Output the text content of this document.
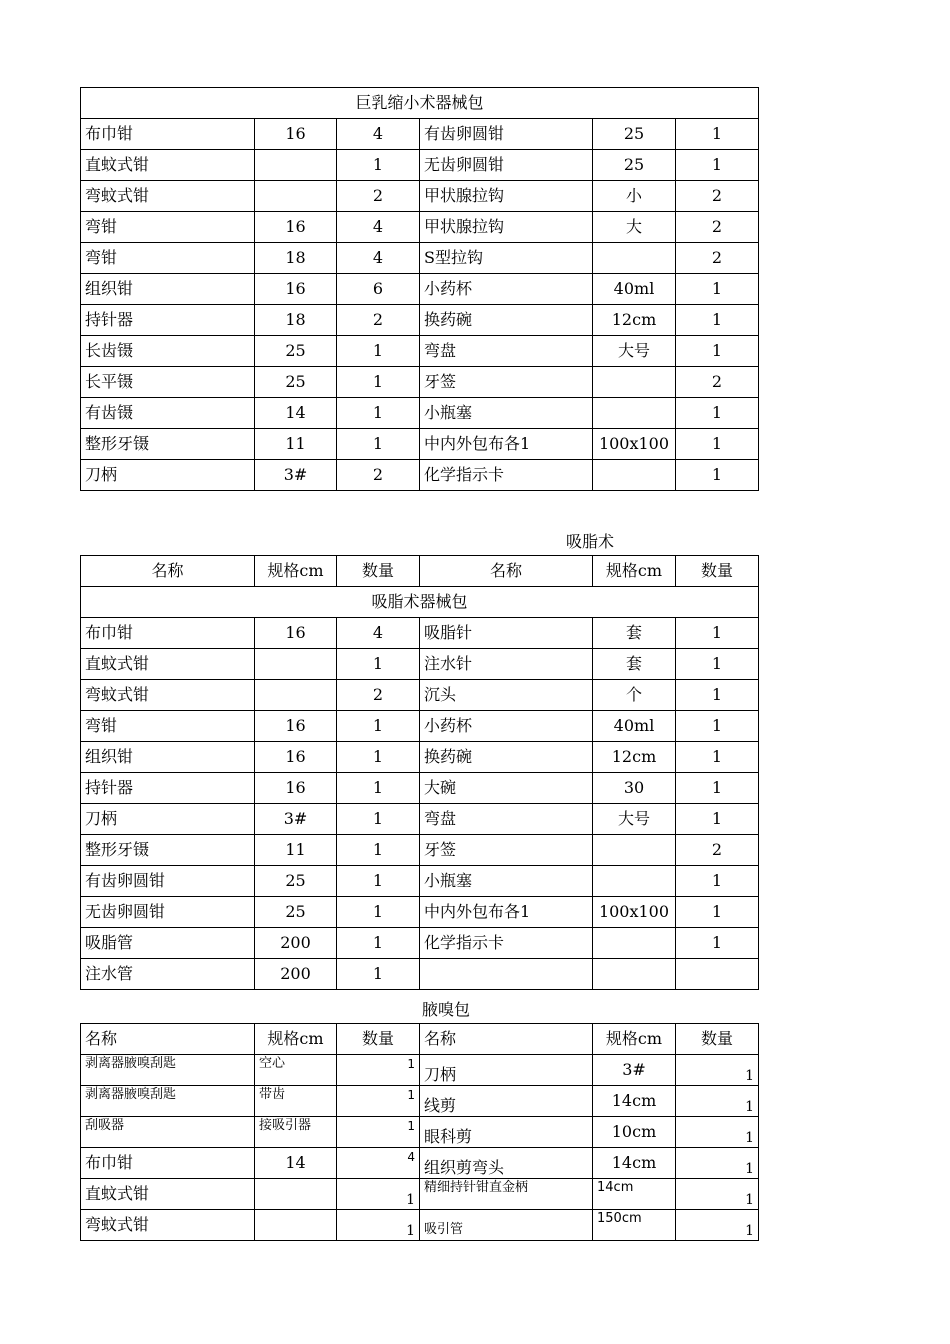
巨乳缩小术器械包					
布巾钳	16	4	有齿卵圆钳	25	1
直蚊式钳		1	无齿卵圆钳	25	1
弯蚊式钳		2	甲状腺拉钩	小	2
弯钳	16	4	甲状腺拉钩	大	2
弯钳	18	4	S型拉钩		2
组织钳	16	6	小药杯	40ml	1
持针器	18	2	换药碗	12cm	1
长齿镊	25	1	弯盘	大号	1
长平镊	25	1	牙签		2
有齿镊	14	1	小瓶塞		1
整形牙镊	11	1	中内外包布各1	100x100	1
刀柄	3#	2	化学指示卡		1
吸脂术
名称	规格cm	数量	名称	规格cm	数量
吸脂术器械包					
布巾钳	16	4	吸脂针	套	1
直蚊式钳		1	注水针	套	1
弯蚊式钳		2	沉头	个	1
弯钳	16	1	小药杯	40ml	1
组织钳	16	1	换药碗	12cm	1
持针器	16	1	大碗	30	1
刀柄	3#	1	弯盘	大号	1
整形牙镊	11	1	牙签		2
有齿卵圆钳	25	1	小瓶塞		1
无齿卵圆钳	25	1	中内外包布各1	100x100	1
吸脂管	200	1	化学指示卡		1
注水管	200	1			
腋嗅包
名称	规格cm	数量	名称	规格cm	数量
剥离器腋嗅刮匙	空心	1	刀柄	3#	1
剥离器腋嗅刮匙	带齿	1	线剪	14cm	1
刮吸器	接吸引器	1	眼科剪	10cm	1
布巾钳	14	4	组织剪弯头	14cm	1
直蚊式钳		1	精细持针钳直金柄	14cm	1
弯蚊式钳		1	吸引管	150cm	1
